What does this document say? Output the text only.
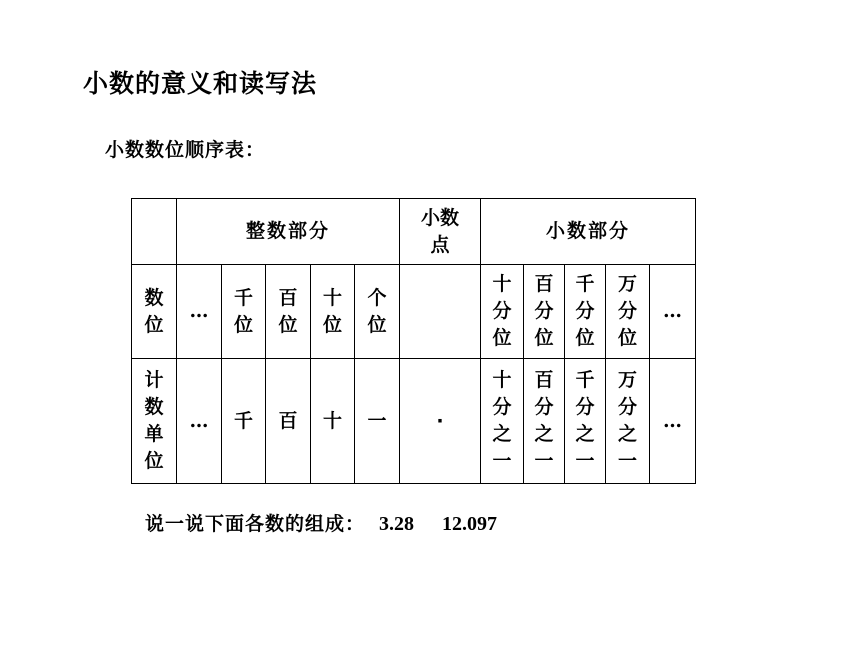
小数的意义和读写法
小数数位顺序表：
	整数部分					小数点	小数部分				
数位	…	千位	百位	十位	个位		十分位	百分位	千分位	万分位	…
计数单位	…	千	百	十	一	·	十分之一	百分之一	千分之一	万分之一	…
说一说下面各数的组成： 3.28 12.097
